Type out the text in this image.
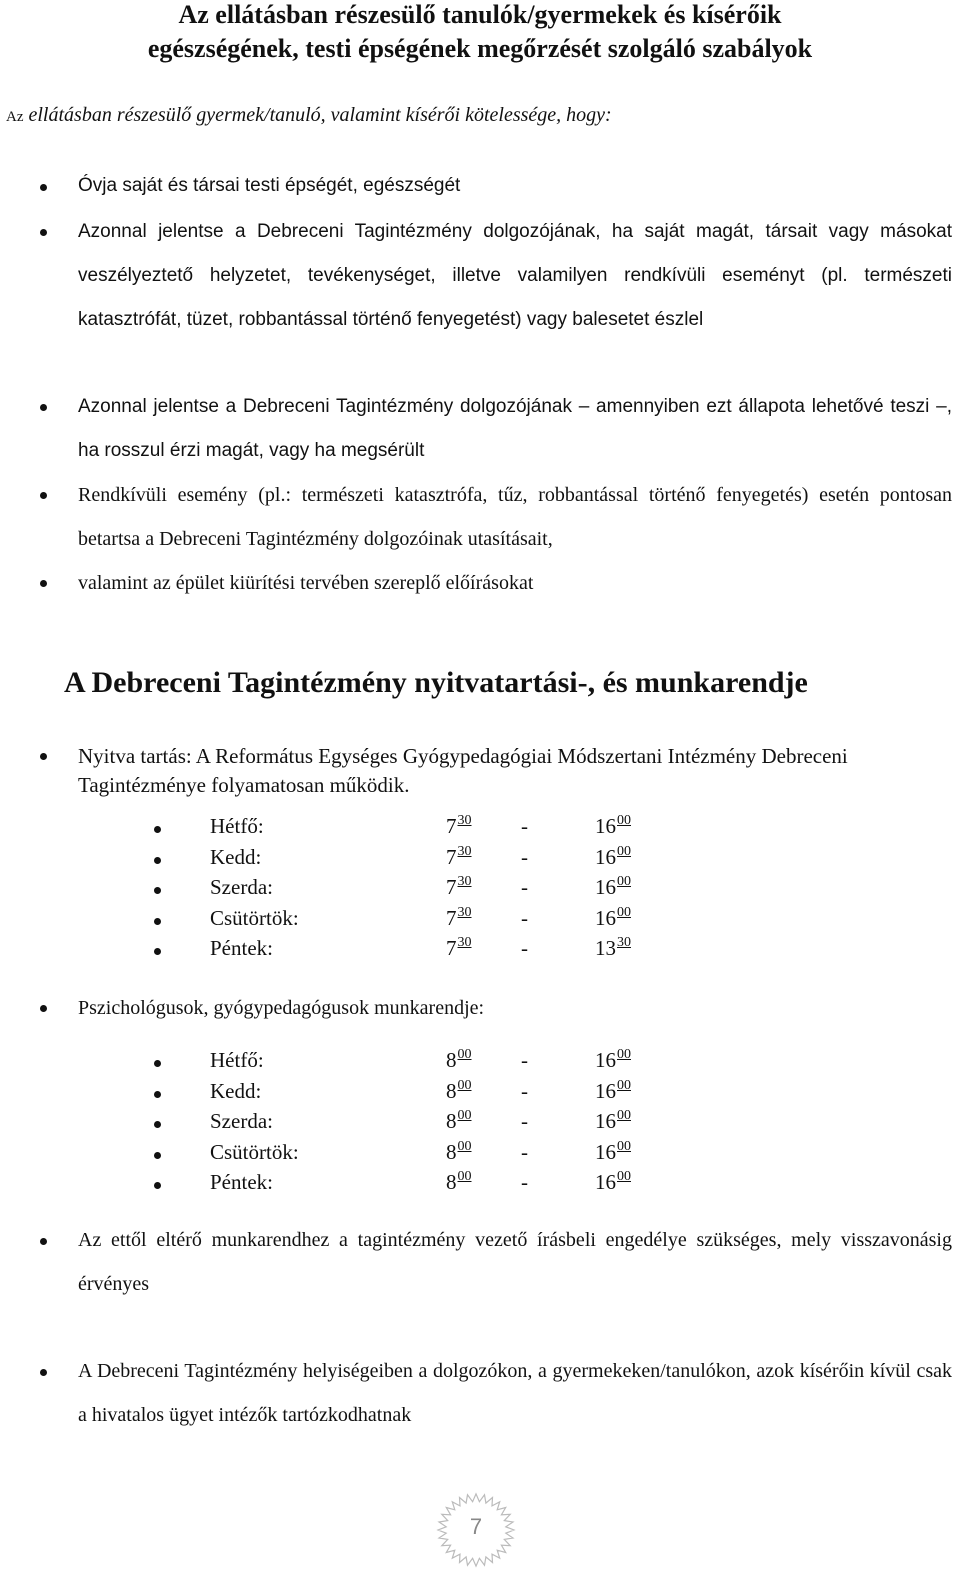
Az ellátásban részesülő tanulók/gyermekek és kísérőik
egészségének, testi épségének megőrzését szolgáló szabályok
Az ellátásban részesülő gyermek/tanuló, valamint kísérői kötelessége, hogy:
Óvja saját és társai testi épségét, egészségét
Azonnal jelentse a Debreceni Tagintézmény dolgozójának, ha saját magát, társait vagy másokat veszélyeztető helyzetet, tevékenységet, illetve valamilyen rendkívüli eseményt (pl. természeti katasztrófát, tüzet, robbantással történő fenyegetést) vagy balesetet észlel
Azonnal jelentse a Debreceni Tagintézmény dolgozójának – amennyiben ezt állapota lehetővé teszi –, ha rosszul érzi magát, vagy ha megsérült
Rendkívüli esemény (pl.: természeti katasztrófa, tűz, robbantással történő fenyegetés) esetén pontosan betartsa a Debreceni Tagintézmény dolgozóinak utasításait,
valamint az épület kiürítési tervében szereplő előírásokat
A Debreceni Tagintézmény nyitvatartási-, és munkarendje
Nyitva tartás: A Református Egységes Gyógypedagógiai Módszertani Intézmény Debreceni Tagintézménye folyamatosan működik.
Hétfő:	$7^{30}$ -	$16^{00}$
Kedd:	$7^{30}$ -	$16^{00}$
Szerda:	$7^{30}$ -	$16^{00}$
Csütörtök:	$7^{30}$ -	$16^{00}$
Péntek:	$7^{30}$ -	$13^{30}$
Pszichológusok, gyógypedagógusok munkarendje:
Hétfő:	$8^{00}$ -	$16^{00}$
Kedd:	$8^{00}$ -	$16^{00}$
Szerda:	$8^{00}$ -	$16^{00}$
Csütörtök:	$8^{00}$ -	$16^{00}$
Péntek:	$8^{00}$ -	$16^{00}$
Az ettől eltérő munkarendhez a tagintézmény vezető írásbeli engedélye szükséges, mely visszavonásig érvényes
A Debreceni Tagintézmény helyiségeiben a dolgozókon, a gyermekeken/tanulókon, azok kísérőin kívül csak a hivatalos ügyet intézők tartózkodhatnak
7
